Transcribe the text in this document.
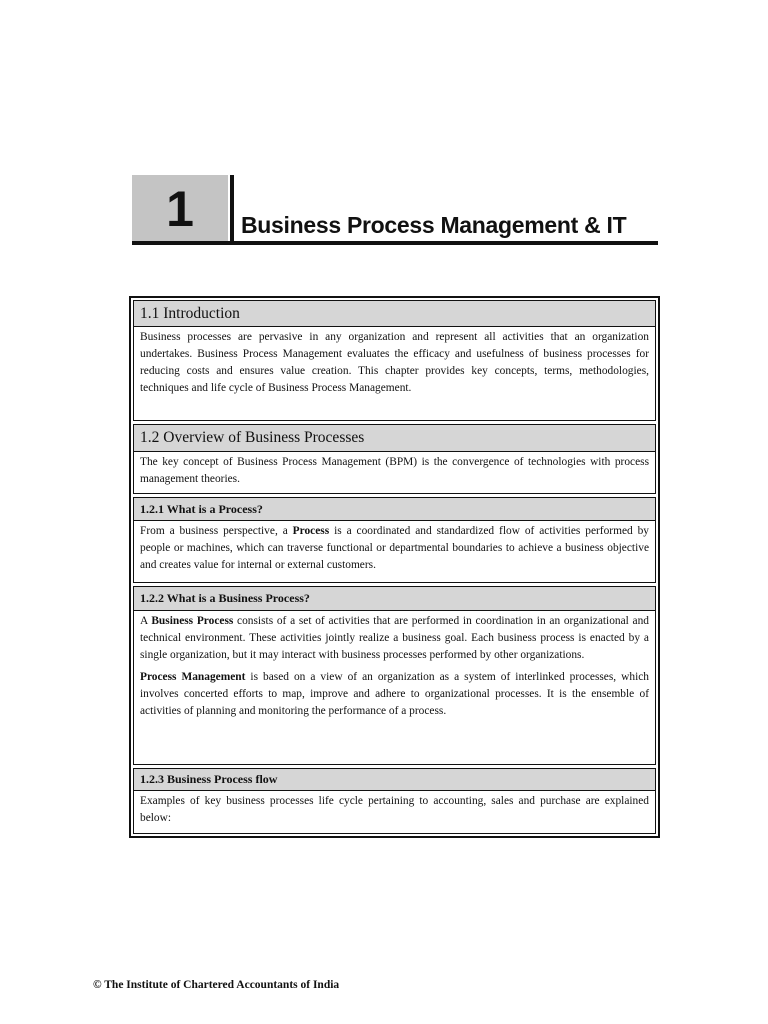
1 Business Process Management & IT
1.1 Introduction

Business processes are pervasive in any organization and represent all activities that an organization undertakes. Business Process Management evaluates the efficacy and usefulness of business processes for reducing costs and ensures value creation. This chapter provides key concepts, terms, methodologies, techniques and life cycle of Business Process Management.

1.2 Overview of Business Processes

The key concept of Business Process Management (BPM) is the convergence of technologies with process management theories.

1.2.1 What is a Process?

From a business perspective, a Process is a coordinated and standardized flow of activities performed by people or machines, which can traverse functional or departmental boundaries to achieve a business objective and creates value for internal or external customers.

1.2.2 What is a Business Process?

A Business Process consists of a set of activities that are performed in coordination in an organizational and technical environment. These activities jointly realize a business goal. Each business process is enacted by a single organization, but it may interact with business processes performed by other organizations.

Process Management is based on a view of an organization as a system of interlinked processes, which involves concerted efforts to map, improve and adhere to organizational processes. It is the ensemble of activities of planning and monitoring the performance of a process.

1.2.3 Business Process flow

Examples of key business processes life cycle pertaining to accounting, sales and purchase are explained below:

© The Institute of Chartered Accountants of India
